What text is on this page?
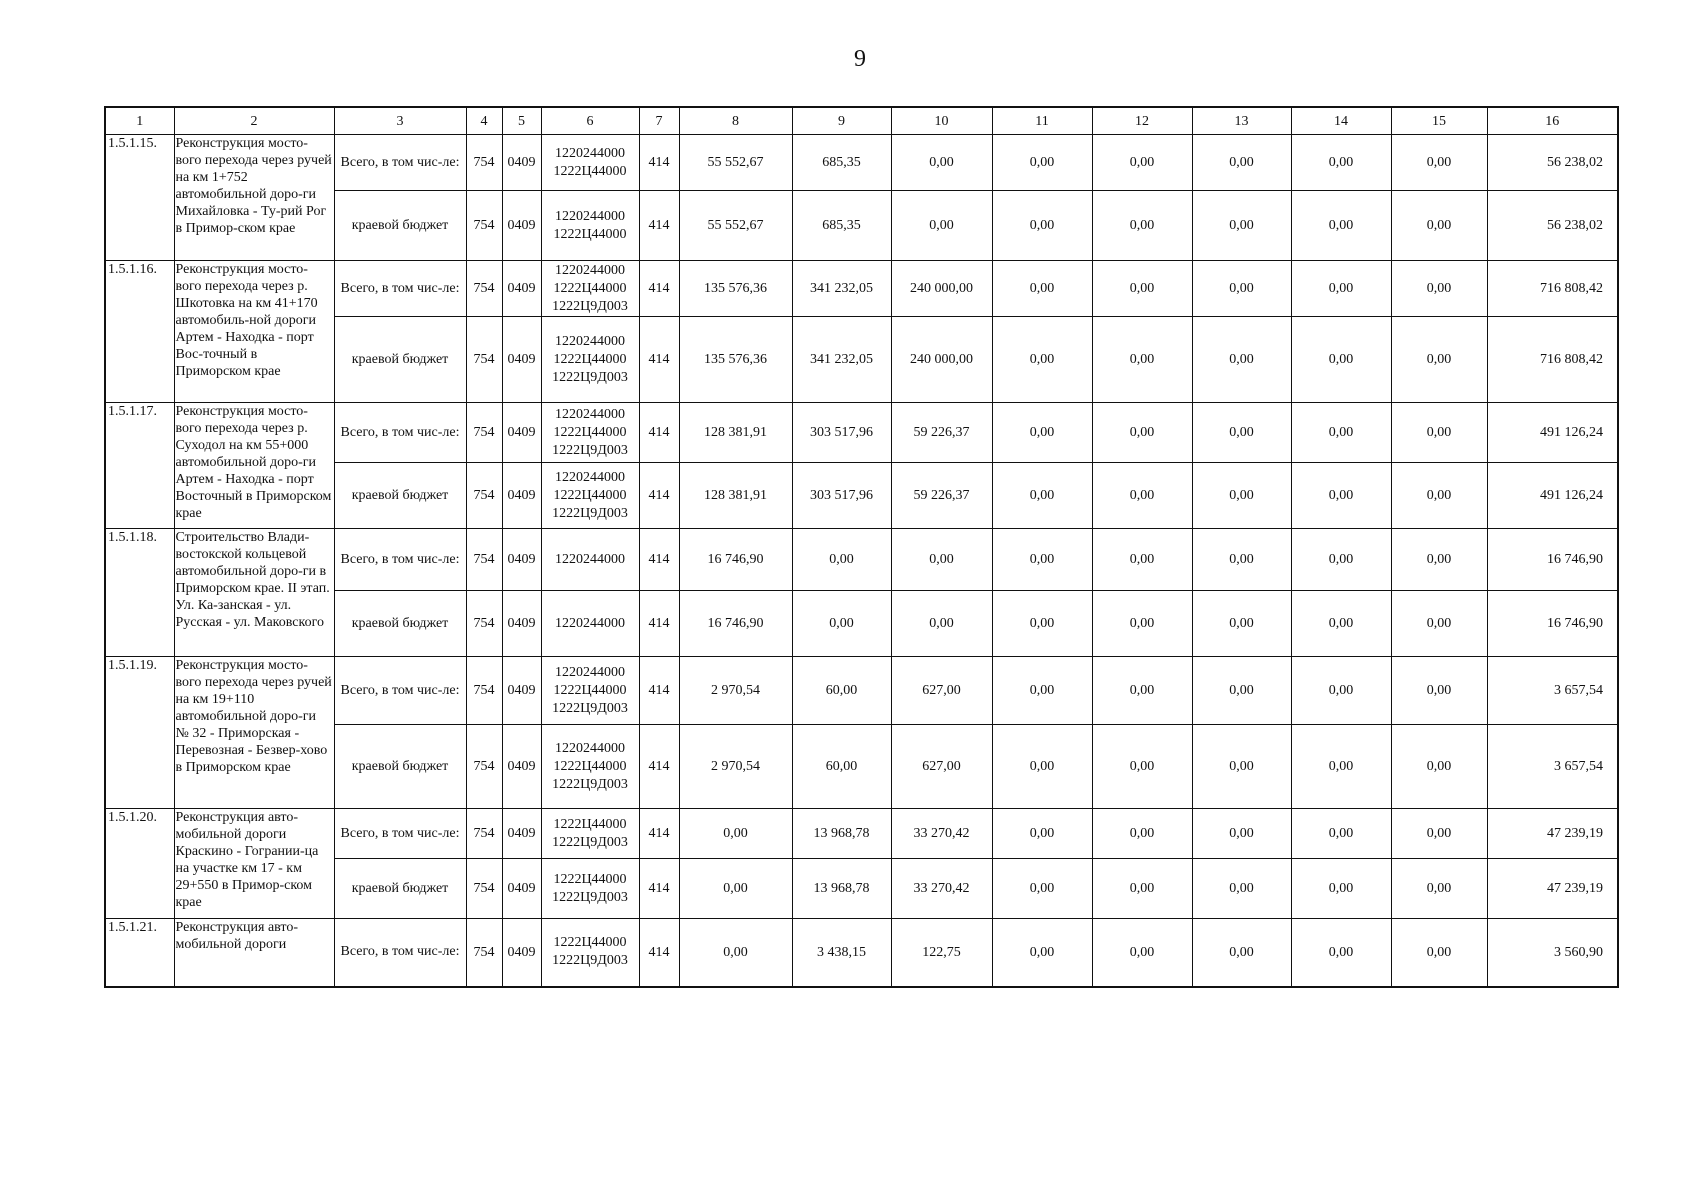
9
1	2	3	4	5	6	7	8	9	10	11	12	13	14	15	16
1.5.1.15.	Реконструкция мосто-вого перехода через ручей на км 1+752 автомобильной доро-ги Михайловка - Ту-рий Рог в Примор-ском крае	Всего, в том чис-ле:	754	0409	1220244000
1222Ц44000	414	55 552,67	685,35	0,00	0,00	0,00	0,00	0,00	0,00	56 238,02
		краевой бюджет	754	0409	1220244000
1222Ц44000	414	55 552,67	685,35	0,00	0,00	0,00	0,00	0,00	0,00	56 238,02
1.5.1.16.	Реконструкция мосто-вого перехода через р. Шкотовка на км 41+170 автомобиль-ной дороги Артем - Находка - порт Вос-точный в Приморском крае	Всего, в том чис-ле:	754	0409	1220244000
1222Ц44000
1222Ц9Д003	414	135 576,36	341 232,05	240 000,00	0,00	0,00	0,00	0,00	0,00	716 808,42
		краевой бюджет	754	0409	1220244000
1222Ц44000
1222Ц9Д003	414	135 576,36	341 232,05	240 000,00	0,00	0,00	0,00	0,00	0,00	716 808,42
1.5.1.17.	Реконструкция мосто-вого перехода через р. Суходол на км 55+000 автомобильной доро-ги Артем - Находка - порт Восточный в Приморском крае	Всего, в том чис-ле:	754	0409	1220244000
1222Ц44000
1222Ц9Д003	414	128 381,91	303 517,96	59 226,37	0,00	0,00	0,00	0,00	0,00	491 126,24
		краевой бюджет	754	0409	1220244000
1222Ц44000
1222Ц9Д003	414	128 381,91	303 517,96	59 226,37	0,00	0,00	0,00	0,00	0,00	491 126,24
1.5.1.18.	Строительство Влади-востокской кольцевой автомобильной доро-ги в Приморском крае. II этап. Ул. Ка-занская - ул. Русская - ул. Маковского	Всего, в том чис-ле:	754	0409	1220244000	414	16 746,90	0,00	0,00	0,00	0,00	0,00	0,00	0,00	16 746,90
		краевой бюджет	754	0409	1220244000	414	16 746,90	0,00	0,00	0,00	0,00	0,00	0,00	0,00	16 746,90
1.5.1.19.	Реконструкция мосто-вого перехода через ручей на км 19+110 автомобильной доро-ги № 32 - Приморская - Перевозная - Безвер-хово в Приморском крае	Всего, в том чис-ле:	754	0409	1220244000
1222Ц44000
1222Ц9Д003	414	2 970,54	60,00	627,00	0,00	0,00	0,00	0,00	0,00	3 657,54
		краевой бюджет	754	0409	1220244000
1222Ц44000
1222Ц9Д003	414	2 970,54	60,00	627,00	0,00	0,00	0,00	0,00	0,00	3 657,54
1.5.1.20.	Реконструкция авто-мобильной дороги Краскино - Гогрании-ца на участке км 17 - км 29+550 в Примор-ском крае	Всего, в том чис-ле:	754	0409	1222Ц44000
1222Ц9Д003	414	0,00	13 968,78	33 270,42	0,00	0,00	0,00	0,00	0,00	47 239,19
		краевой бюджет	754	0409	1222Ц44000
1222Ц9Д003	414	0,00	13 968,78	33 270,42	0,00	0,00	0,00	0,00	0,00	47 239,19
1.5.1.21.	Реконструкция авто-мобильной дороги	Всего, в том чис-ле:	754	0409	1222Ц44000
1222Ц9Д003	414	0,00	3 438,15	122,75	0,00	0,00	0,00	0,00	0,00	3 560,90
